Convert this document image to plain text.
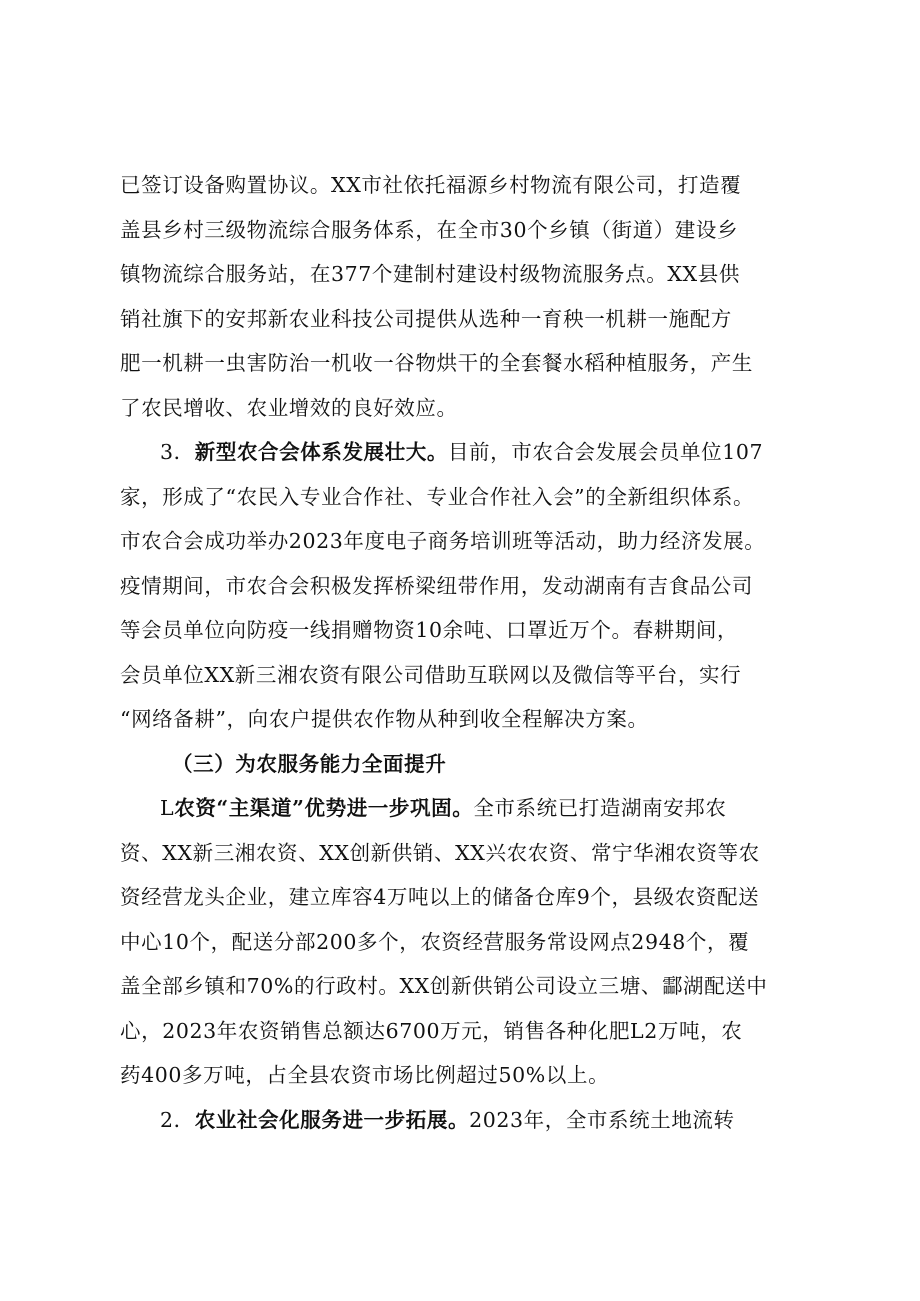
已签订设备购置协议。XX市社依托福源乡村物流有限公司，打造覆
盖县乡村三级物流综合服务体系，在全市30个乡镇（街道）建设乡
镇物流综合服务站，在377个建制村建设村级物流服务点。XX县供
销社旗下的安邦新农业科技公司提供从选种一育秧一机耕一施配方
肥一机耕一虫害防治一机收一谷物烘干的全套餐水稻种植服务，产生
了农民增收、农业增效的良好效应。
3．新型农合会体系发展壮大。目前，市农合会发展会员单位107
家，形成了“农民入专业合作社、专业合作社入会”的全新组织体系。
市农合会成功举办2023年度电子商务培训班等活动，助力经济发展。
疫情期间，市农合会积极发挥桥梁纽带作用，发动湖南有吉食品公司
等会员单位向防疫一线捐赠物资10余吨、口罩近万个。春耕期间，
会员单位XX新三湘农资有限公司借助互联网以及微信等平台，实行
“网络备耕”，向农户提供农作物从种到收全程解决方案。
（三）为农服务能力全面提升
L农资“主渠道”优势进一步巩固。全市系统已打造湖南安邦农
资、XX新三湘农资、XX创新供销、XX兴农农资、常宁华湘农资等农
资经营龙头企业，建立库容4万吨以上的储备仓库9个，县级农资配送
中心10个，配送分部200多个，农资经营服务常设网点2948个，覆
盖全部乡镇和70%的行政村。XX创新供销公司设立三塘、酃湖配送中
心，2023年农资销售总额达6700万元，销售各种化肥L2万吨，农
药400多万吨，占全县农资市场比例超过50%以上。
2．农业社会化服务进一步拓展。2023年，全市系统土地流转
